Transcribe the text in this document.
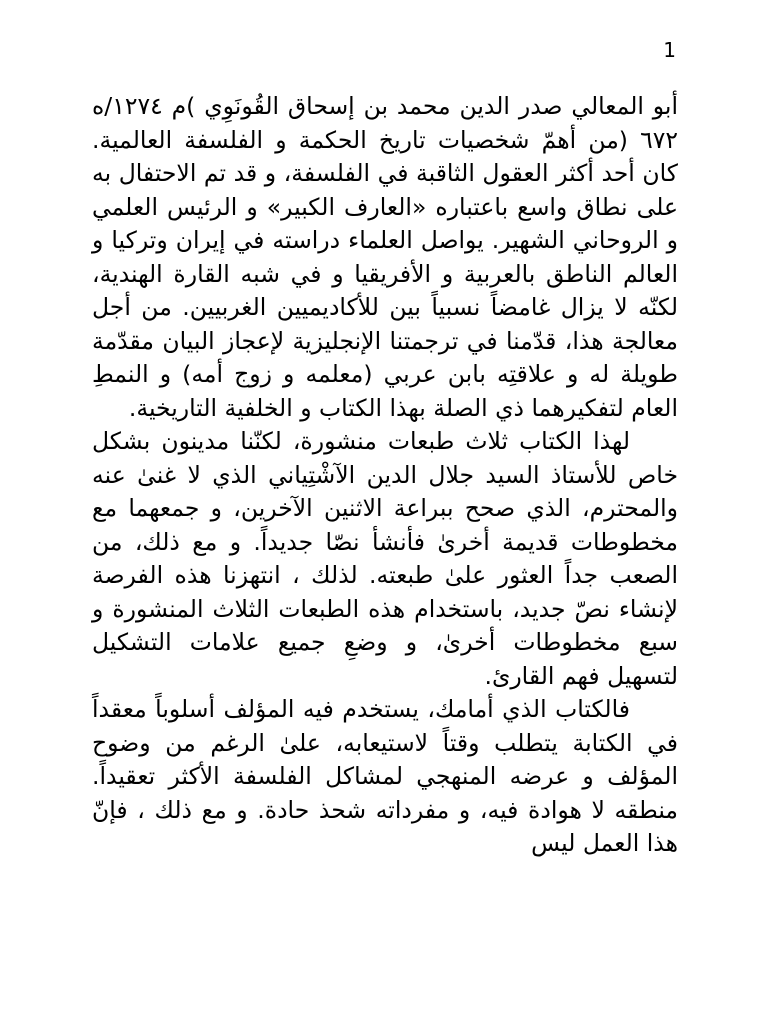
1

أبو المعالي صدر الدين محمد بن إسحاق القُونَوِي )م ١٢٧٤/ه ٦٧٢ (من أهمّ شخصيات تاريخ الحكمة و الفلسفة العالمية. كان أحد أكثر العقول الثاقبة في الفلسفة، و قد تم الاحتفال به على نطاق واسع باعتباره «العارف الكبير» و الرئيس العلمي و الروحاني الشهير. يواصل العلماء دراسته في إيران وتركيا و العالم الناطق بالعربية و الأفريقيا و في شبه القارة الهندية، لكنّه لا يزال غامضاً نسبياً بين للأكاديميين الغربيين. من أجل معالجة هذا، قدّمنا في ترجمتنا الإنجليزية لإعجاز البيان مقدّمة طويلة له و علاقتِه بابن عربي (معلمه و زوج أمه) و النمطِ العام لتفكيرهما ذي الصلة بهذا الكتاب و الخلفية التاريخية.

لهذا الكتاب ثلاث طبعات منشورة، لكنّنا مدينون بشكل خاص للأستاذ السيد جلال الدين الآشْتِياني الذي لا غنىٰ عنه والمحترم، الذي صحح ببراعة الاثنين الآخرين، و جمعهما مع مخطوطات قديمة أخرىٰ فأنشأ نصّا جديداً. و مع ذلك، من الصعب جداً العثور علىٰ طبعته. لذلك ، انتهزنا هذه الفرصة لإنشاء نصّ جديد، باستخدام هذه الطبعات الثلاث المنشورة و سبع مخطوطات أخرىٰ، و وضعِ جميع علامات التشكيل لتسهيل فهم القارئ.

فالكتاب الذي أمامك، يستخدم فيه المؤلف أسلوباً معقداً في الكتابة يتطلب وقتاً لاستيعابه، علىٰ الرغم من وضوح المؤلف و عرضه المنهجي لمشاكل الفلسفة الأكثر تعقيداً. منطقه لا هوادة فيه، و مفرداته شحذ حادة. و مع ذلك ، فإنّ هذا العمل ليس
